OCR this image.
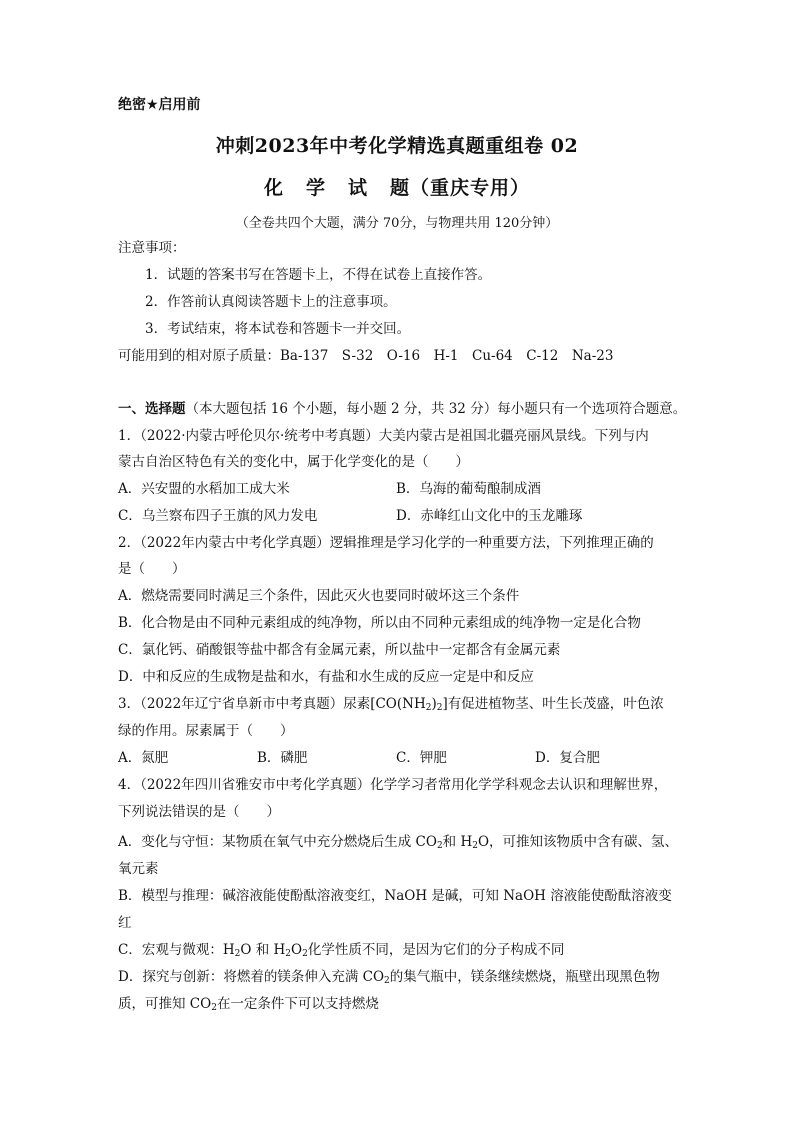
绝密★启用前
冲刺2023年中考化学精选真题重组卷 02
化 学 试 题（重庆专用）
（全卷共四个大题，满分 70分，与物理共用 120分钟）
注意事项：
1．试题的答案书写在答题卡上，不得在试卷上直接作答。
2．作答前认真阅读答题卡上的注意事项。
3．考试结束，将本试卷和答题卡一并交回。
可能用到的相对原子质量：Ba-137　S-32　O-16　H-1　Cu-64　C-12　Na-23
一、选择题（本大题包括 16 个小题，每小题 2 分，共 32 分）每小题只有一个选项符合题意。
1．（2022·内蒙古呼伦贝尔·统考中考真题）大美内蒙古是祖国北疆亮丽风景线。下列与内
蒙古自治区特色有关的变化中，属于化学变化的是（　　）
A．兴安盟的水稻加工成大米	B．乌海的葡萄酿制成酒
C．乌兰察布四子王旗的风力发电	D．赤峰红山文化中的玉龙雕琢
2．（2022年内蒙古中考化学真题）逻辑推理是学习化学的一种重要方法，下列推理正确的
是（　　）
A．燃烧需要同时满足三个条件，因此灭火也要同时破坏这三个条件
B．化合物是由不同种元素组成的纯净物，所以由不同种元素组成的纯净物一定是化合物
C．氯化钙、硝酸银等盐中都含有金属元素，所以盐中一定都含有金属元素
D．中和反应的生成物是盐和水，有盐和水生成的反应一定是中和反应
3．（2022年辽宁省阜新市中考真题）尿素$[CO(NH_2)_2]$有促进植物茎、叶生长茂盛，叶色浓
绿的作用。尿素属于（　　）
A．氮肥	B．磷肥	C．钾肥	D．复合肥
4．（2022年四川省雅安市中考化学真题）化学学习者常用化学学科观念去认识和理解世界，
下列说法错误的是（　　）
A．变化与守恒：某物质在氧气中充分燃烧后生成 $CO_2$和 $H_2O$，可推知该物质中含有碳、氢、
氧元素
B．模型与推理：碱溶液能使酚酞溶液变红，NaOH 是碱，可知 NaOH 溶液能使酚酞溶液变
红
C．宏观与微观：$H_2O$ 和 $H_2O_2$化学性质不同，是因为它们的分子构成不同
D．探究与创新：将燃着的镁条伸入充满 $CO_2$的集气瓶中，镁条继续燃烧，瓶壁出现黑色物
质，可推知 $CO_2$在一定条件下可以支持燃烧
